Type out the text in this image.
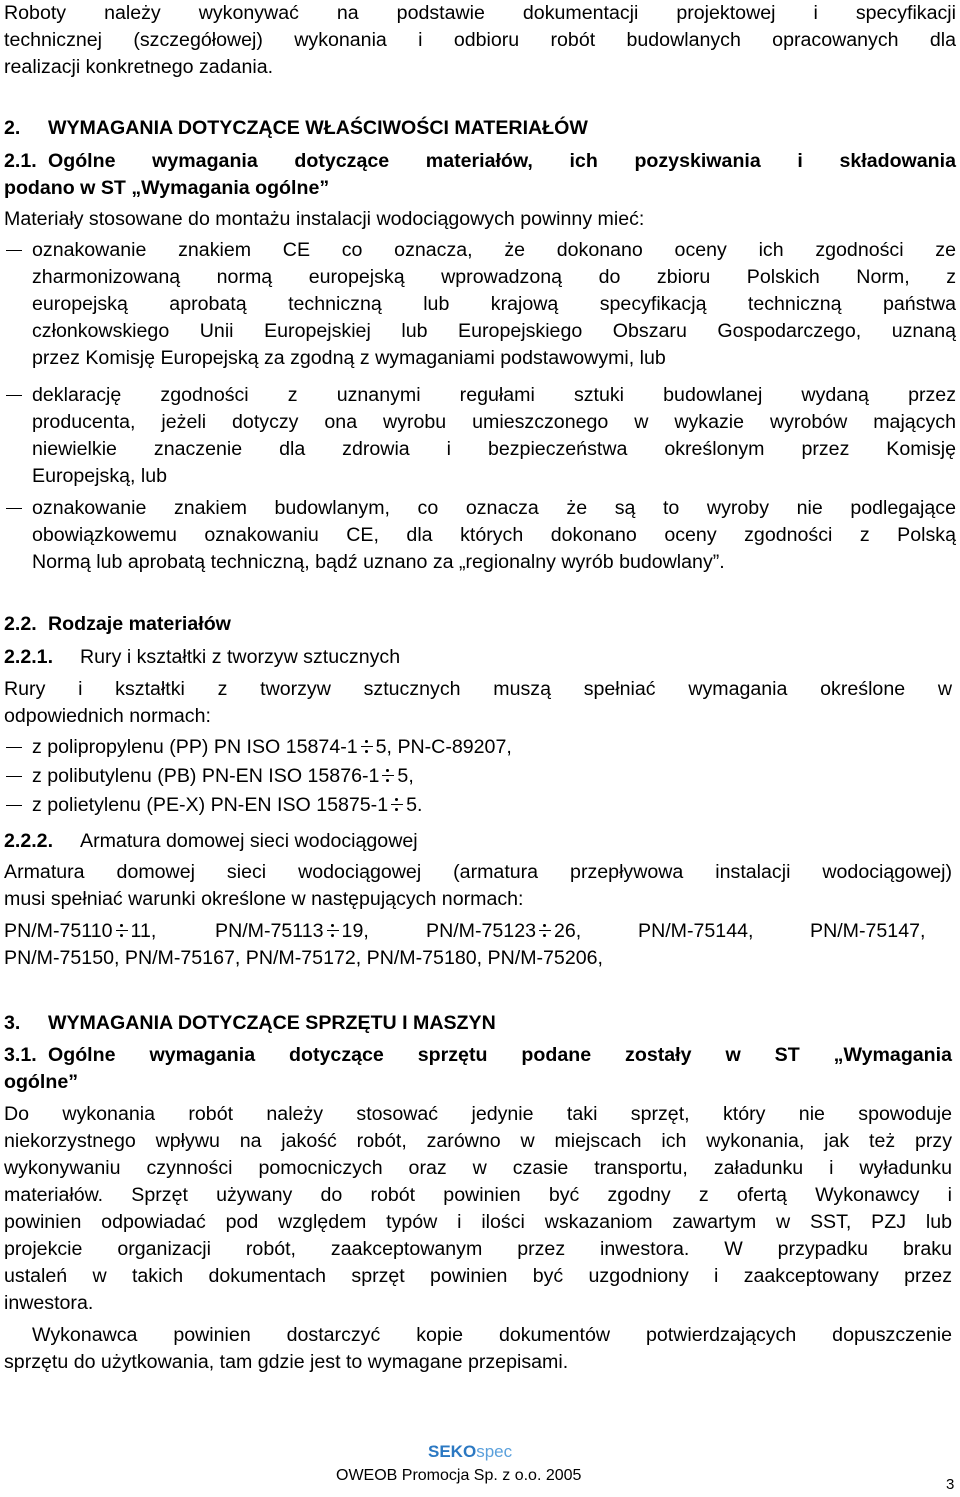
Roboty należy wykonywać na podstawie dokumentacji projektowej i specyfikacji
technicznej (szczegółowej) wykonania i odbioru robót budowlanych opracowanych dla
realizacji konkretnego zadania.
2. WYMAGANIA DOTYCZĄCE WŁAŚCIWOŚCI MATERIAŁÓW
2.1. Ogólne wymagania dotyczące materiałów, ich pozyskiwania i składowania
podano w ST „Wymagania ogólne”
Materiały stosowane do montażu instalacji wodociągowych powinny mieć:
oznakowanie znakiem CE co oznacza, że dokonano oceny ich zgodności ze
zharmonizowaną normą europejską wprowadzoną do zbioru Polskich Norm, z
europejską aprobatą techniczną lub krajową specyfikacją techniczną państwa
członkowskiego Unii Europejskiej lub Europejskiego Obszaru Gospodarczego, uznaną
przez Komisję Europejską za zgodną z wymaganiami podstawowymi, lub
deklarację zgodności z uznanymi regułami sztuki budowlanej wydaną przez
producenta, jeżeli dotyczy ona wyrobu umieszczonego w wykazie wyrobów mających
niewielkie znaczenie dla zdrowia i bezpieczeństwa określonym przez Komisję
Europejską, lub
oznakowanie znakiem budowlanym, co oznacza że są to wyroby nie podlegające
obowiązkowemu oznakowaniu CE, dla których dokonano oceny zgodności z Polską
Normą lub aprobatą techniczną, bądź uznano za „regionalny wyrób budowlany”.
2.2. Rodzaje materiałów
2.2.1. Rury i kształtki z tworzyw sztucznych
Rury i kształtki z tworzyw sztucznych muszą spełniać wymagania określone w
odpowiednich normach:
z polipropylenu (PP) PN ISO 15874-1 5, PN-C-89207,
z polibutylenu (PB) PN-EN ISO 15876-1 5,
z polietylenu (PE-X) PN-EN ISO 15875-1 5.
2.2.2. Armatura domowej sieci wodociągowej
Armatura domowej sieci wodociągowej (armatura przepływowa instalacji wodociągowej)
musi spełniać warunki określone w następujących normach:
PN/M-75110 11,	PN/M-75113 19,	PN/M-75123 26,	PN/M-75144,	PN/M-75147,
PN/M-75150, PN/M-75167, PN/M-75172, PN/M-75180, PN/M-75206,
3. WYMAGANIA DOTYCZĄCE SPRZĘTU I MASZYN
3.1. Ogólne wymagania dotyczące sprzętu podane zostały w ST „Wymagania
ogólne”
Do wykonania robót należy stosować jedynie taki sprzęt, który nie spowoduje
niekorzystnego wpływu na jakość robót, zarówno w miejscach ich wykonania, jak też przy
wykonywaniu czynności pomocniczych oraz w czasie transportu, załadunku i wyładunku
materiałów. Sprzęt używany do robót powinien być zgodny z ofertą Wykonawcy i
powinien odpowiadać pod względem typów i ilości wskazaniom zawartym w SST, PZJ lub
projekcie organizacji robót, zaakceptowanym przez inwestora. W przypadku braku
ustaleń w takich dokumentach sprzęt powinien być uzgodniony i zaakceptowany przez
inwestora.
Wykonawca powinien dostarczyć kopie dokumentów potwierdzających dopuszczenie
sprzętu do użytkowania, tam gdzie jest to wymagane przepisami.
SEKOspec
OWEOB Promocja Sp. z o.o. 2005
3
